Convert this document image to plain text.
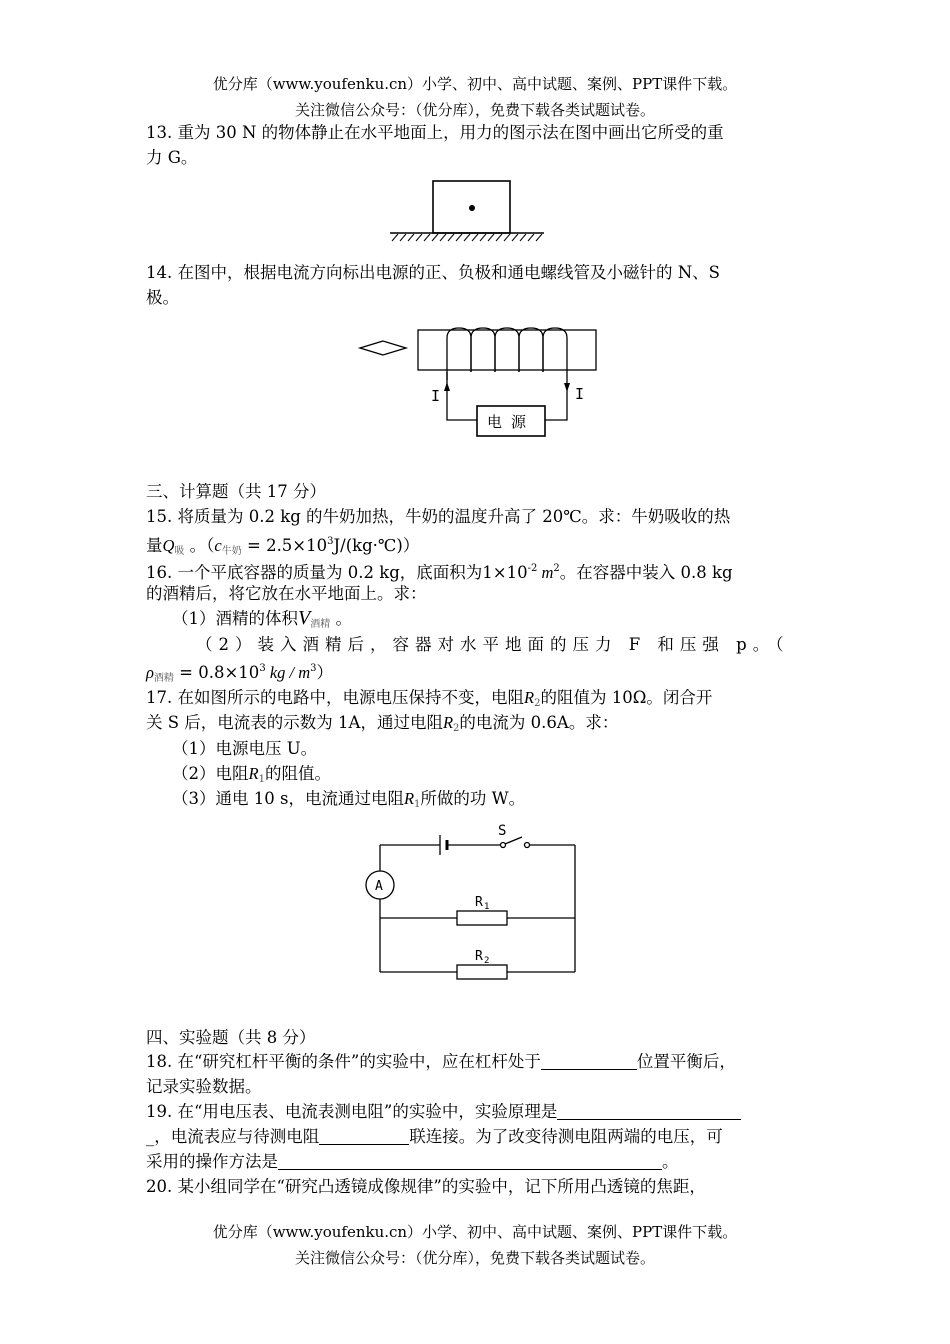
优分库（www.youfenku.cn）小学、初中、高中试题、案例、PPT课件下载。
关注微信公众号：（优分库），免费下载各类试题试卷。
13. 重为 30 N 的物体静止在水平地面上，用力的图示法在图中画出它所受的重
力 G。
14. 在图中，根据电流方向标出电源的正、负极和通电螺线管及小磁针的 N、S
极。
I	I
电 源
三、计算题（共 17 分）
15. 将质量为 0.2 kg 的牛奶加热，牛奶的温度升高了 20℃。求：牛奶吸收的热
量$Q_吸$ 。（$c_{牛奶}$ = $2.5\times 10^3J/(kg\cdot℃)$）
16. 一个平底容器的质量为 0.2 kg，底面积为$1\times 10^{-2}$ $m^2$。在容器中装入 0.8 kg
的酒精后，将它放在水平地面上。求：
（1）酒精的体积$V_{酒精}$ 。
（2）装入酒精后，容器对水平地面的压力 F 和压强 p。（
$\rho_{酒精} = 0.8\times 10^3$ kg / $m^3$）
17. 在如图所示的电路中，电源电压保持不变，电阻$R_2$的阻值为 10Ω。闭合开
关 S 后，电流表的示数为 1A，通过电阻$R_2$的电流为 0.6A。求：
（1）电源电压 U。
（2）电阻$R_1$的阻值。
（3）通电 10 s，电流通过电阻$R_1$所做的功 W。
S
A
R 1
R 2
四、实验题（共 8 分）
18. 在“研究杠杆平衡的条件”的实验中，应在杠杆处于	位置平衡后，
记录实验数据。
19. 在“用电压表、电流表测电阻”的实验中，实验原理是
_，电流表应与待测电阻	联连接。为了改变待测电阻两端的电压，可
采用的操作方法是	。
20. 某小组同学在“研究凸透镜成像规律”的实验中，记下所用凸透镜的焦距，
优分库（www.youfenku.cn）小学、初中、高中试题、案例、PPT课件下载。
关注微信公众号：（优分库），免费下载各类试题试卷。
